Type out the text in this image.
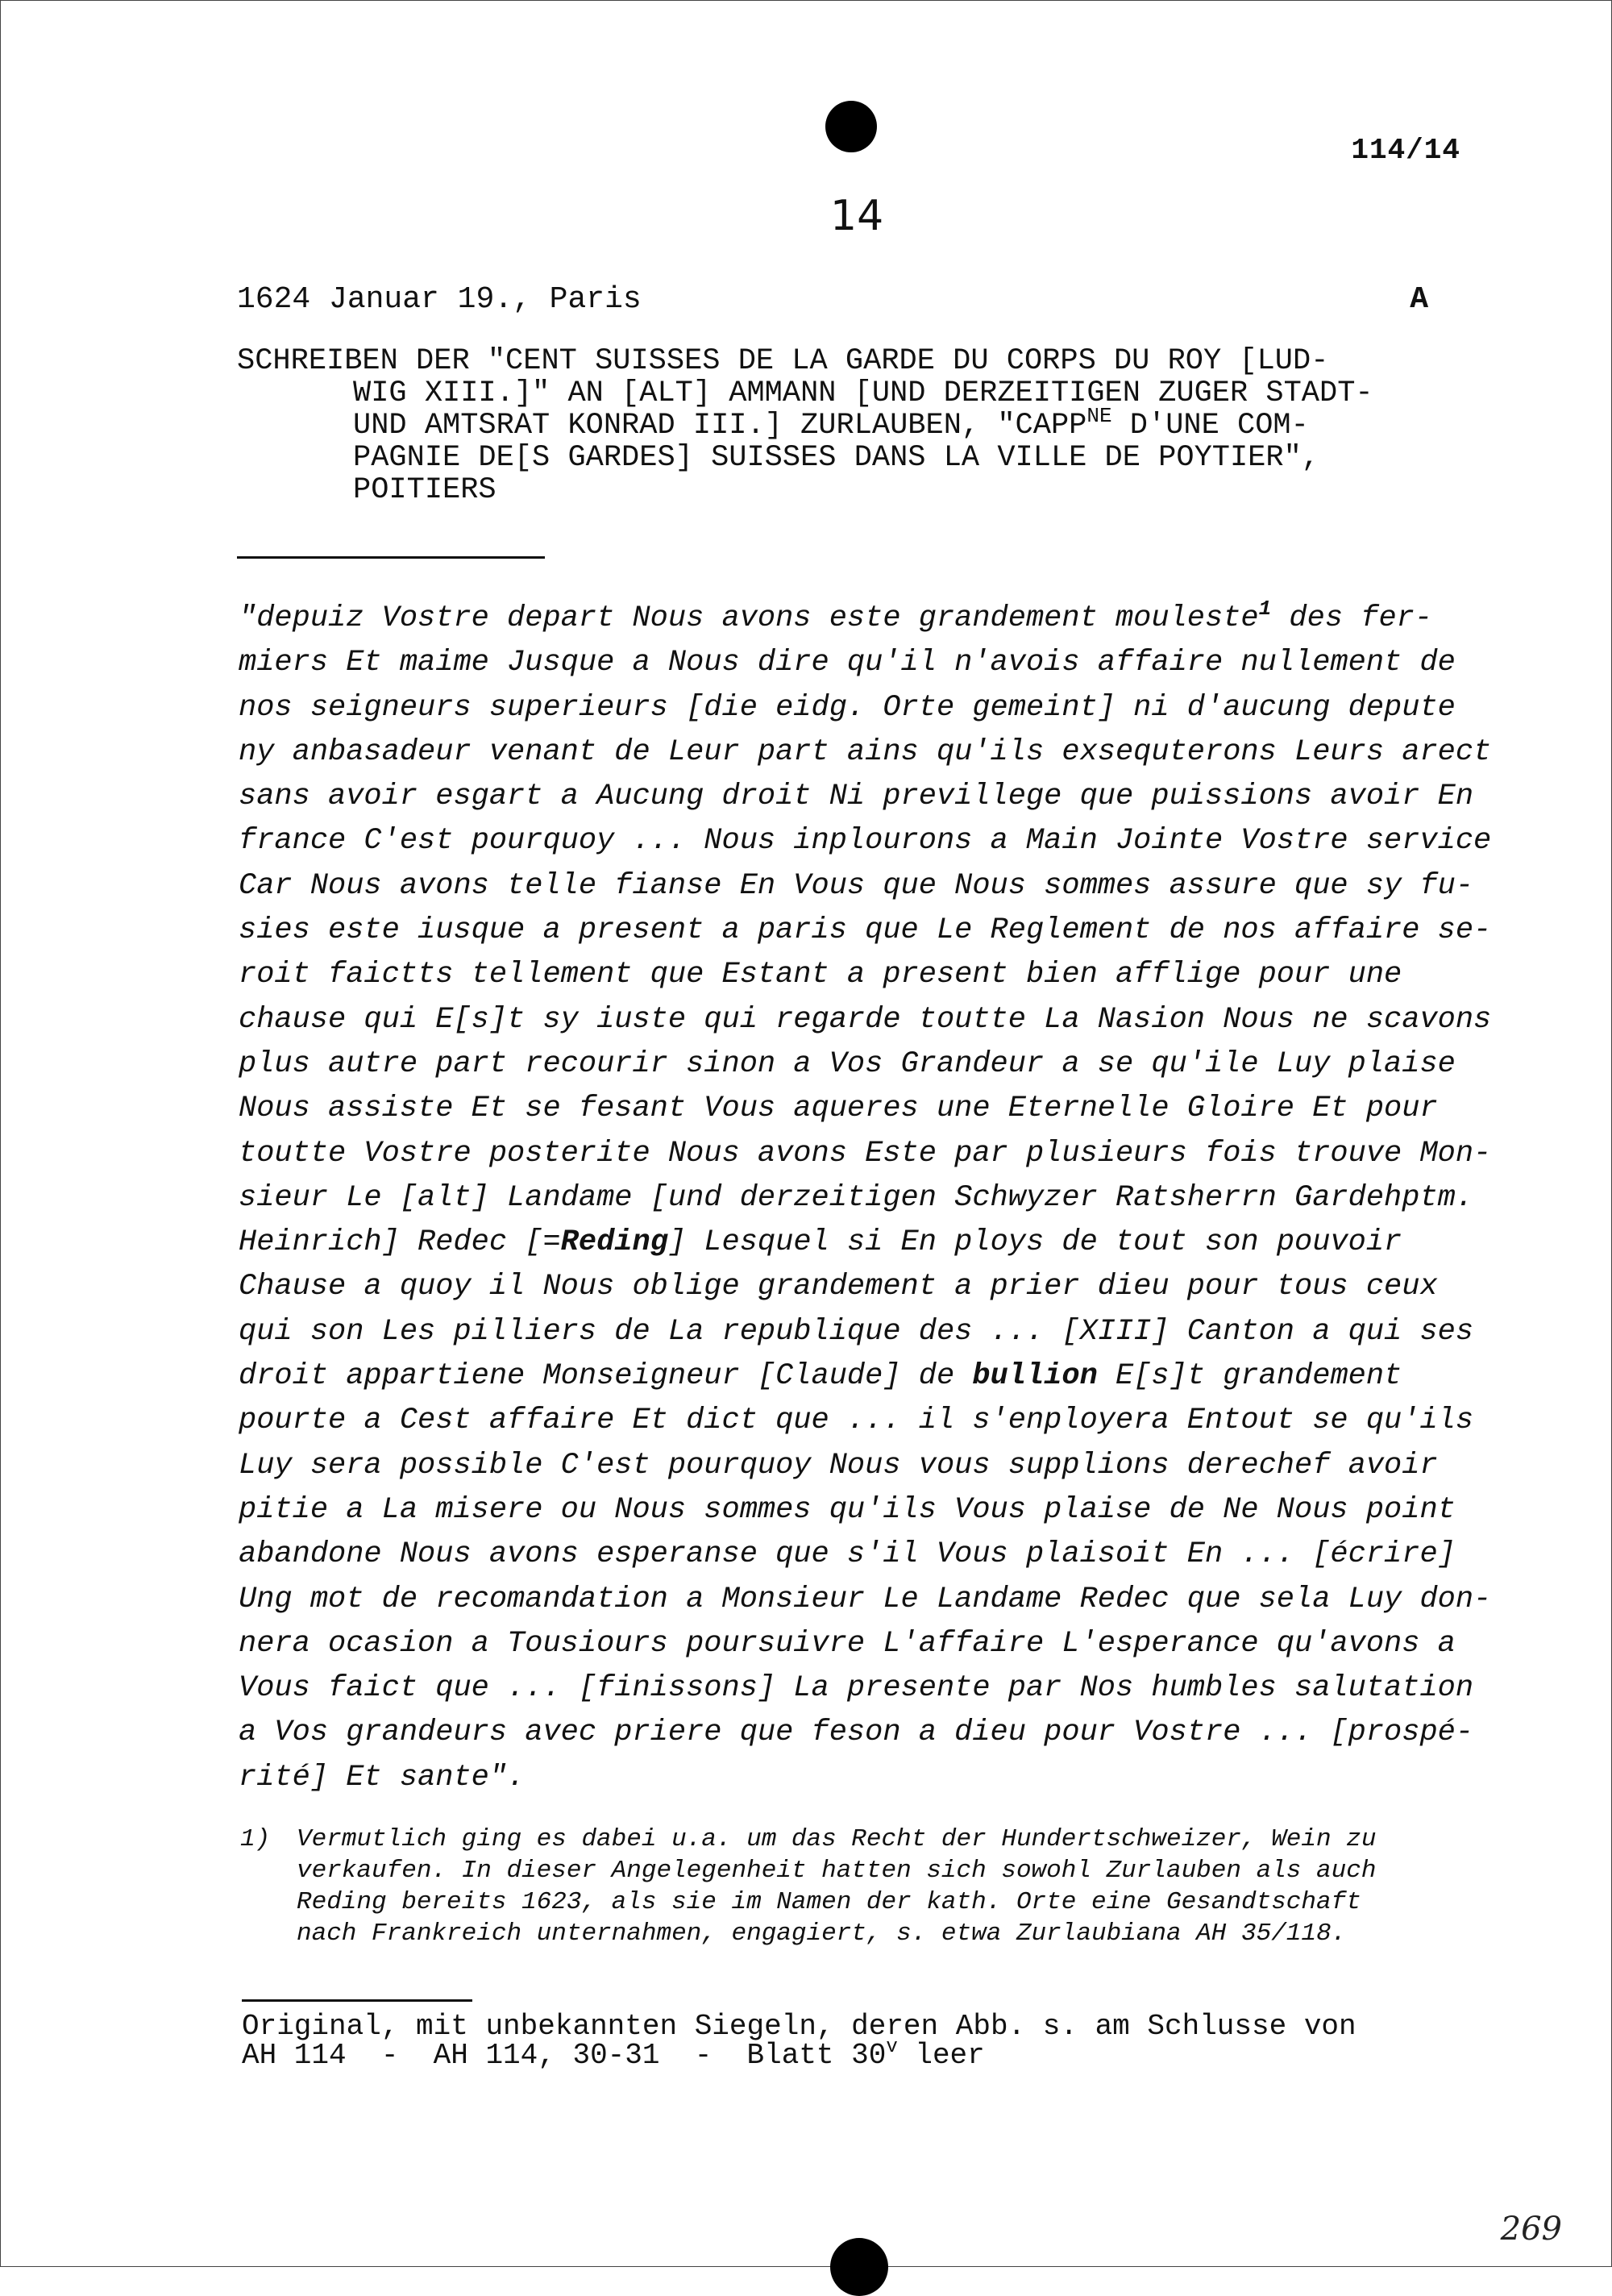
114/14
14
1624 Januar 19., Paris	A
SCHREIBEN DER "CENT SUISSES DE LA GARDE DU CORPS DU ROY [LUD-
WIG XIII.]" AN [ALT] AMMANN [UND DERZEITIGEN ZUGER STADT-
UND AMTSRAT KONRAD III.] ZURLAUBEN, "$CAPP^{NE}$ D'UNE COM-
PAGNIE DE[S GARDES] SUISSES DANS LA VILLE DE POYTIER",
POITIERS
"depuiz Vostre depart Nous avons este grandement mouleste$^1$ des fer-
miers Et maime Jusque a Nous dire qu'il n'avois affaire nullement de
nos seigneurs superieurs [die eidg. Orte gemeint] ni d'aucung depute
ny anbasadeur venant de Leur part ains qu'ils exsequterons Leurs arect
sans avoir esgart a Aucung droit Ni previllege que puissions avoir En
france C'est pourquoy ... Nous inplourons a Main Jointe Vostre service
Car Nous avons telle fianse En Vous que Nous sommes assure que sy fu-
sies este iusque a present a paris que Le Reglement de nos affaire se-
roit faictts tellement que Estant a present bien afflige pour une
chause qui E[s]t sy iuste qui regarde toutte La Nasion Nous ne scavons
plus autre part recourir sinon a Vos Grandeur a se qu'ile Luy plaise
Nous assiste Et se fesant Vous aqueres une Eternelle Gloire Et pour
toutte Vostre posterite Nous avons Este par plusieurs fois trouve Mon-
sieur Le [alt] Landame [und derzeitigen Schwyzer Ratsherrn Gardehptm.
Heinrich] Redec [=Reding] Lesquel si En ploys de tout son pouvoir
Chause a quoy il Nous oblige grandement a prier dieu pour tous ceux
qui son Les pilliers de La republique des ... [XIII] Canton a qui ses
droit appartiene Monseigneur [Claude] de bullion E[s]t grandement
pourte a Cest affaire Et dict que ... il s'enployera Entout se qu'ils
Luy sera possible C'est pourquoy Nous vous supplions derechef avoir
pitie a La misere ou Nous sommes qu'ils Vous plaise de Ne Nous point
abandone Nous avons esperanse que s'il Vous plaisoit En ... [écrire]
Ung mot de recomandation a Monsieur Le Landame Redec que sela Luy don-
nera ocasion a Tousiours poursuivre L'affaire L'esperance qu'avons a
Vous faict que ... [finissons] La presente par Nos humbles salutation
a Vos grandeurs avec priere que feson a dieu pour Vostre ... [prospé-
rité] Et sante".
1) Vermutlich ging es dabei u.a. um das Recht der Hundertschweizer, Wein zu
verkaufen. In dieser Angelegenheit hatten sich sowohl Zurlauben als auch
Reding bereits 1623, als sie im Namen der kath. Orte eine Gesandtschaft
nach Frankreich unternahmen, engagiert, s. etwa Zurlaubiana AH 35/118.
Original, mit unbekannten Siegeln, deren Abb. s. am Schlusse von
AH 114  -  AH 114, 30-31  -  Blatt 30$^v$ leer
269
